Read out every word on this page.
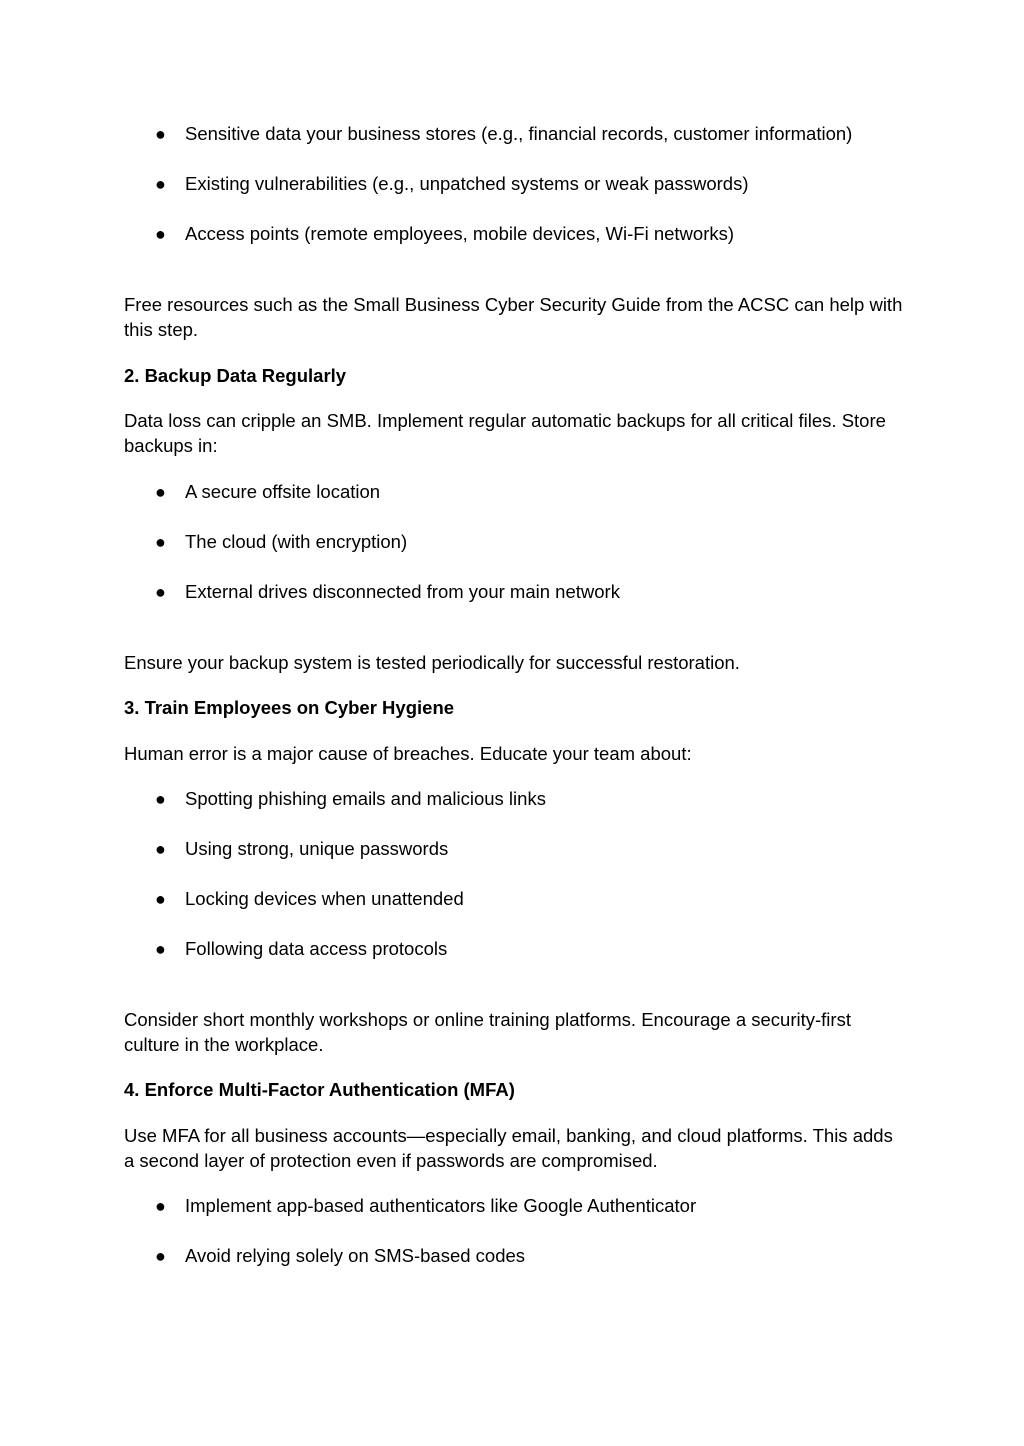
● Sensitive data your business stores (e.g., financial records, customer information)
● Existing vulnerabilities (e.g., unpatched systems or weak passwords)
● Access points (remote employees, mobile devices, Wi-Fi networks)

Free resources such as the Small Business Cyber Security Guide from the ACSC can help with this step.

2. Backup Data Regularly

Data loss can cripple an SMB. Implement regular automatic backups for all critical files. Store backups in:

● A secure offsite location
● The cloud (with encryption)
● External drives disconnected from your main network

Ensure your backup system is tested periodically for successful restoration.

3. Train Employees on Cyber Hygiene

Human error is a major cause of breaches. Educate your team about:

● Spotting phishing emails and malicious links
● Using strong, unique passwords
● Locking devices when unattended
● Following data access protocols

Consider short monthly workshops or online training platforms. Encourage a security-first culture in the workplace.

4. Enforce Multi-Factor Authentication (MFA)

Use MFA for all business accounts—especially email, banking, and cloud platforms. This adds a second layer of protection even if passwords are compromised.

● Implement app-based authenticators like Google Authenticator
● Avoid relying solely on SMS-based codes
